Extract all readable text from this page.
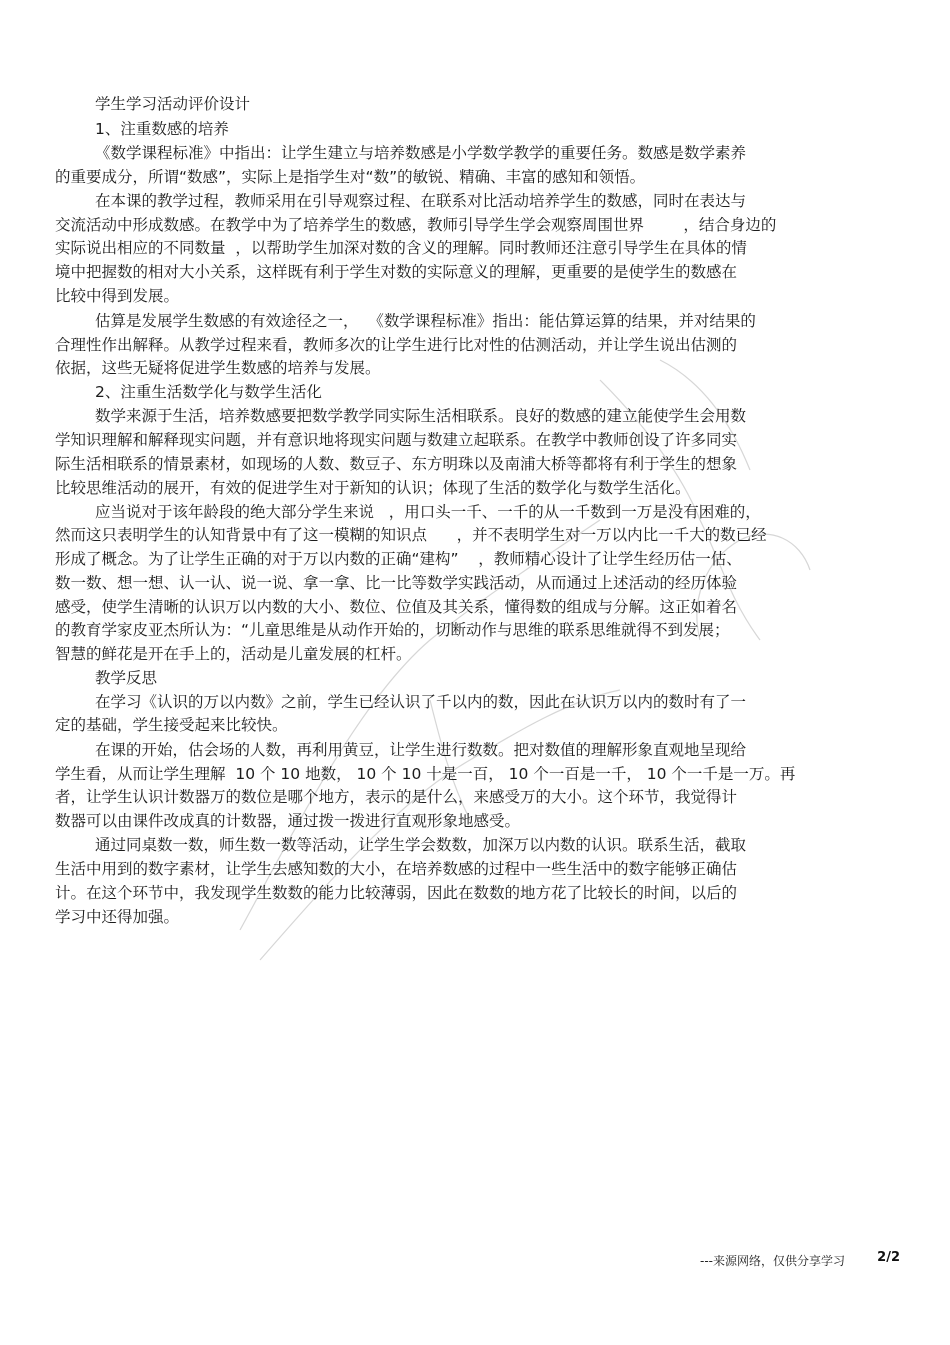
学生学习活动评价设计
1、注重数感的培养
《数学课程标准》中指出：让学生建立与培养数感是小学数学教学的重要任务。数感是数学素养
的重要成分，所谓“数感”，实际上是指学生对“数”的敏锐、精确、丰富的感知和领悟。
在本课的教学过程，教师采用在引导观察过程、在联系对比活动培养学生的数感，同时在表达与
交流活动中形成数感。在教学中为了培养学生的数感，教师引导学生学会观察周围世界        ，结合身边的
实际说出相应的不同数量  ，以帮助学生加深对数的含义的理解。同时教师还注意引导学生在具体的情
境中把握数的相对大小关系，这样既有利于学生对数的实际意义的理解，更重要的是使学生的数感在
比较中得到发展。
估算是发展学生数感的有效途径之一，  《数学课程标准》指出：能估算运算的结果，并对结果的
合理性作出解释。从教学过程来看，教师多次的让学生进行比对性的估测活动，并让学生说出估测的
依据，这些无疑将促进学生数感的培养与发展。
2、注重生活数学化与数学生活化
数学来源于生活，培养数感要把数学教学同实际生活相联系。良好的数感的建立能使学生会用数
学知识理解和解释现实问题，并有意识地将现实问题与数建立起联系。在教学中教师创设了许多同实
际生活相联系的情景素材，如现场的人数、数豆子、东方明珠以及南浦大桥等都将有利于学生的想象
比较思维活动的展开，有效的促进学生对于新知的认识；体现了生活的数学化与数学生活化。
应当说对于该年龄段的绝大部分学生来说   ，用口头一千、一千的从一千数到一万是没有困难的，
然而这只表明学生的认知背景中有了这一模糊的知识点      ，并不表明学生对一万以内比一千大的数已经
形成了概念。为了让学生正确的对于万以内数的正确“建构”    ，教师精心设计了让学生经历估一估、
数一数、想一想、认一认、说一说、拿一拿、比一比等数学实践活动，从而通过上述活动的经历体验
感受，使学生清晰的认识万以内数的大小、数位、位值及其关系，懂得数的组成与分解。这正如着名
的教育学家皮亚杰所认为：“儿童思维是从动作开始的，切断动作与思维的联系思维就得不到发展；
智慧的鲜花是开在手上的，活动是儿童发展的杠杆。
教学反思
在学习《认识的万以内数》之前，学生已经认识了千以内的数，因此在认识万以内的数时有了一
定的基础，学生接受起来比较快。
在课的开始，估会场的人数，再利用黄豆，让学生进行数数。把对数值的理解形象直观地呈现给
学生看，从而让学生理解  10 个 10 地数， 10 个 10 十是一百， 10 个一百是一千， 10 个一千是一万。再
者，让学生认识计数器万的数位是哪个地方，表示的是什么，来感受万的大小。这个环节，我觉得计
数器可以由课件改成真的计数器，通过拨一拨进行直观形象地感受。
通过同桌数一数，师生数一数等活动，让学生学会数数，加深万以内数的认识。联系生活，截取
生活中用到的数字素材，让学生去感知数的大小，在培养数感的过程中一些生活中的数字能够正确估
计。在这个环节中，我发现学生数数的能力比较薄弱，因此在数数的地方花了比较长的时间，以后的
学习中还得加强。
---来源网络，仅供分享学习 2/2
